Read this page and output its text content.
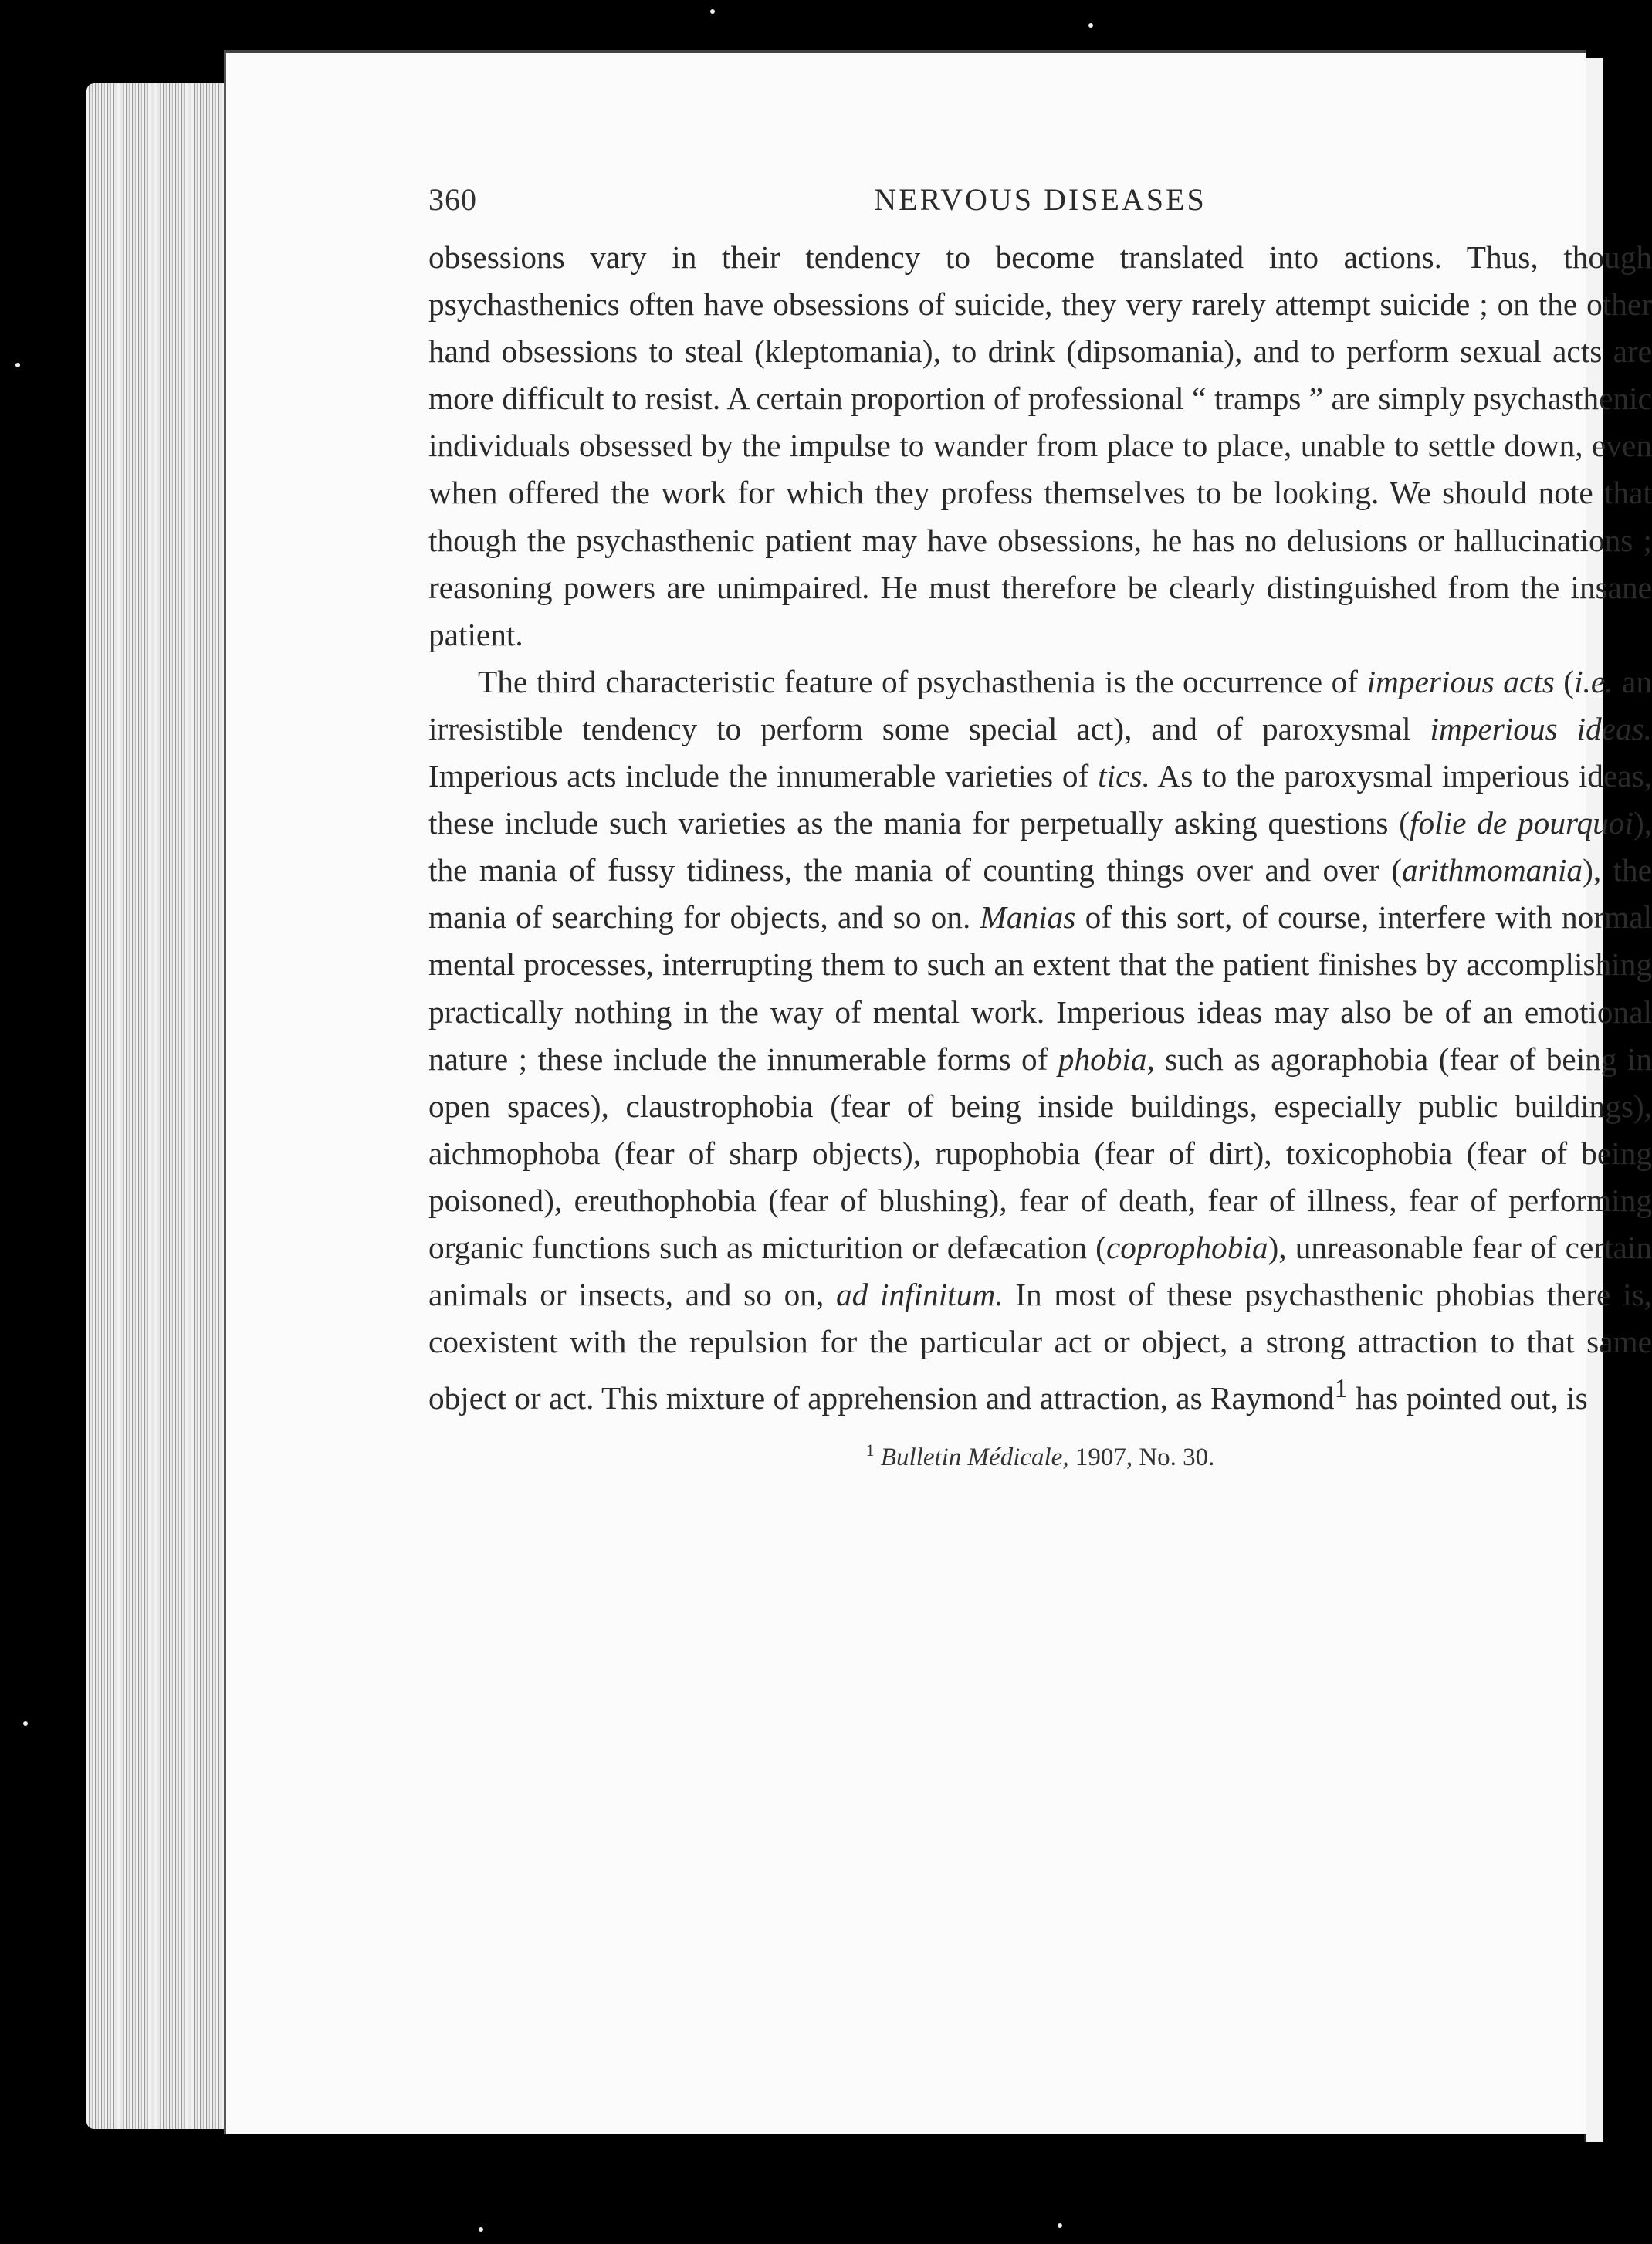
360	NERVOUS DISEASES

obsessions vary in their tendency to become translated into actions. Thus, though psychasthenics often have obsessions of suicide, they very rarely attempt suicide ; on the other hand obsessions to steal (kleptomania), to drink (dipsomania), and to perform sexual acts are more difficult to resist. A certain proportion of professional “ tramps ” are simply psychasthenic individuals obsessed by the impulse to wander from place to place, unable to settle down, even when offered the work for which they profess themselves to be looking. We should note that though the psychasthenic patient may have obsessions, he has no delusions or hallucinations ; reasoning powers are unimpaired. He must therefore be clearly distinguished from the insane patient.

The third characteristic feature of psychasthenia is the occurrence of imperious acts (i.e. an irresistible tendency to perform some special act), and of paroxysmal imperious ideas. Imperious acts include the innumerable varieties of tics. As to the paroxysmal imperious ideas, these include such varieties as the mania for perpetually asking questions (folie de pourquoi), the mania of fussy tidiness, the mania of counting things over and over (arithmomania), the mania of searching for objects, and so on. Manias of this sort, of course, interfere with normal mental processes, interrupting them to such an extent that the patient finishes by accomplishing practically nothing in the way of mental work. Imperious ideas may also be of an emotional nature ; these include the innumerable forms of phobia, such as agoraphobia (fear of being in open spaces), claustrophobia (fear of being inside buildings, especially public buildings), aichmophoba (fear of sharp objects), rupophobia (fear of dirt), toxicophobia (fear of being poisoned), ereuthophobia (fear of blushing), fear of death, fear of illness, fear of performing organic functions such as micturition or defæcation (coprophobia), unreasonable fear of certain animals or insects, and so on, ad infinitum. In most of these psychasthenic phobias there is, coexistent with the repulsion for the particular act or object, a strong attraction to that same object or act. This mixture of apprehension and attraction, as Raymond$^1$ has pointed out, is

$^1$ Bulletin Médicale, 1907, No. 30.
